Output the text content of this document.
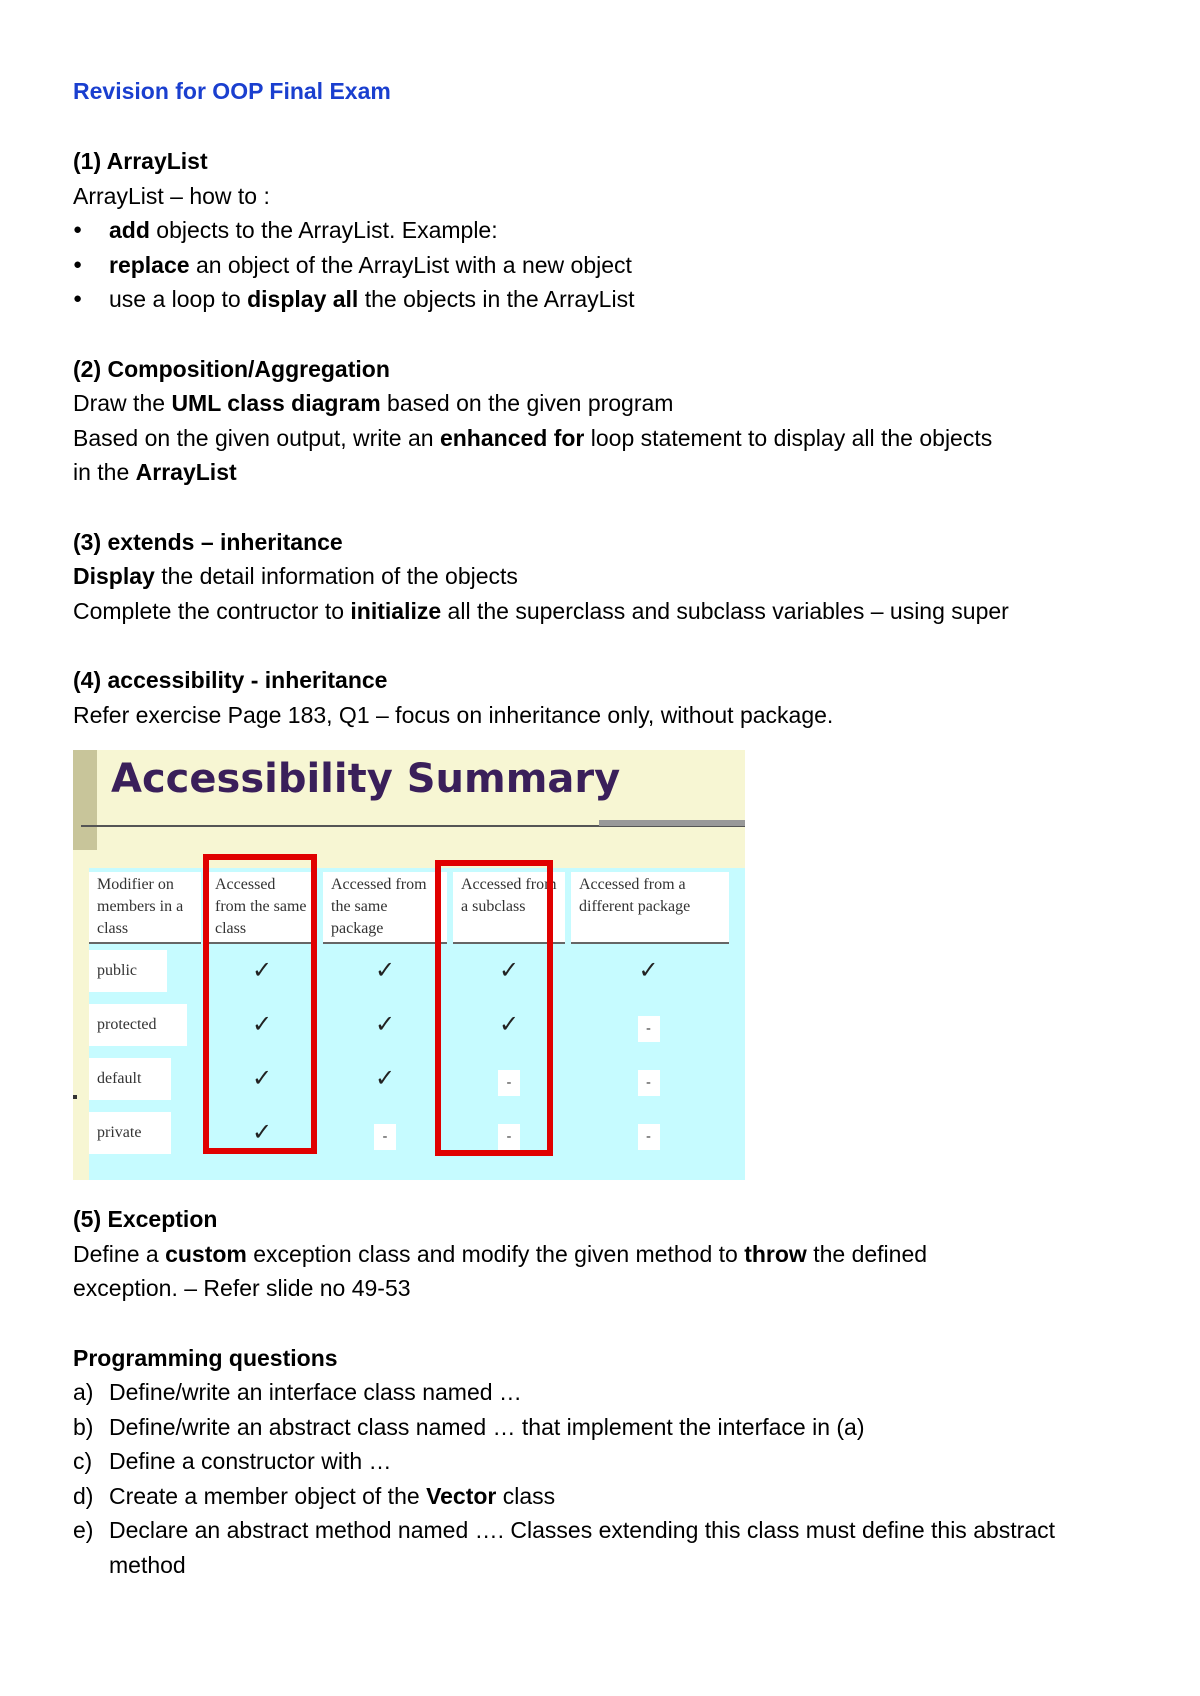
Revision for OOP Final Exam

(1) ArrayList

ArrayList – how to :

● add objects to the ArrayList. Example:
● replace an object of the ArrayList with a new object
● use a loop to display all the objects in the ArrayList

(2) Composition/Aggregation

Draw the UML class diagram based on the given program

Based on the given output, write an enhanced for loop statement to display all the objects

in the ArrayList

(3) extends – inheritance

Display the detail information of the objects

Complete the contructor to initialize all the superclass and subclass variables – using super

(4) accessibility - inheritance

Refer exercise Page 183, Q1 – focus on inheritance only, without package.

Accessibility Summary
Modifier on members in a class	Accessed from the same class	Accessed from the same package	Accessed from a subclass	Accessed from a different package
public	✓	✓	✓	✓
protected	✓	✓	✓	-
default	✓	✓	-	-
private	✓	-	-	-

(5) Exception

Define a custom exception class and modify the given method to throw the defined

exception. – Refer slide no 49-53

Programming questions

a) Define/write an interface class named …
b) Define/write an abstract class named … that implement the interface in (a)
c) Define a constructor with …
d) Create a member object of the Vector class
e) Declare an abstract method named …. Classes extending this class must define this abstract method
